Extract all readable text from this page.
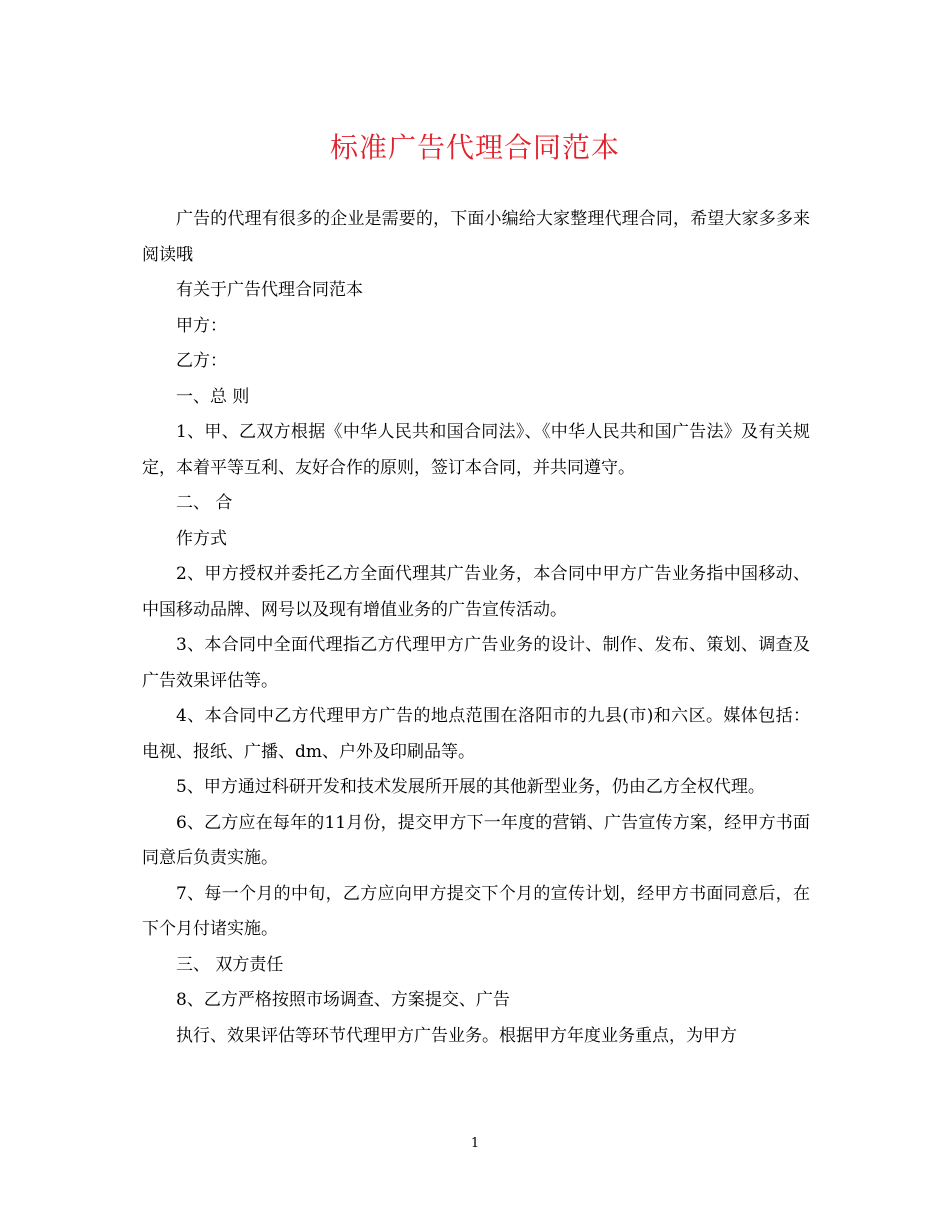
标准广告代理合同范本

广告的代理有很多的企业是需要的，下面小编给大家整理代理合同，希望大家多多来阅读哦

有关于广告代理合同范本

甲方：

乙方：

一、总 则

1、甲、乙双方根据《中华人民共和国合同法》、《中华人民共和国广告法》及有关规定，本着平等互利、友好合作的原则，签订本合同，并共同遵守。

二、 合

作方式

2、甲方授权并委托乙方全面代理其广告业务，本合同中甲方广告业务指中国移动、中国移动品牌、网号以及现有增值业务的广告宣传活动。

3、本合同中全面代理指乙方代理甲方广告业务的设计、制作、发布、策划、调查及广告效果评估等。

4、本合同中乙方代理甲方广告的地点范围在洛阳市的九县(市)和六区。媒体包括：电视、报纸、广播、dm、户外及印刷品等。

5、甲方通过科研开发和技术发展所开展的其他新型业务，仍由乙方全权代理。

6、乙方应在每年的11月份，提交甲方下一年度的营销、广告宣传方案，经甲方书面同意后负责实施。

7、每一个月的中旬，乙方应向甲方提交下个月的宣传计划，经甲方书面同意后，在下个月付诸实施。

三、 双方责任

8、乙方严格按照市场调查、方案提交、广告

执行、效果评估等环节代理甲方广告业务。根据甲方年度业务重点，为甲方

1
